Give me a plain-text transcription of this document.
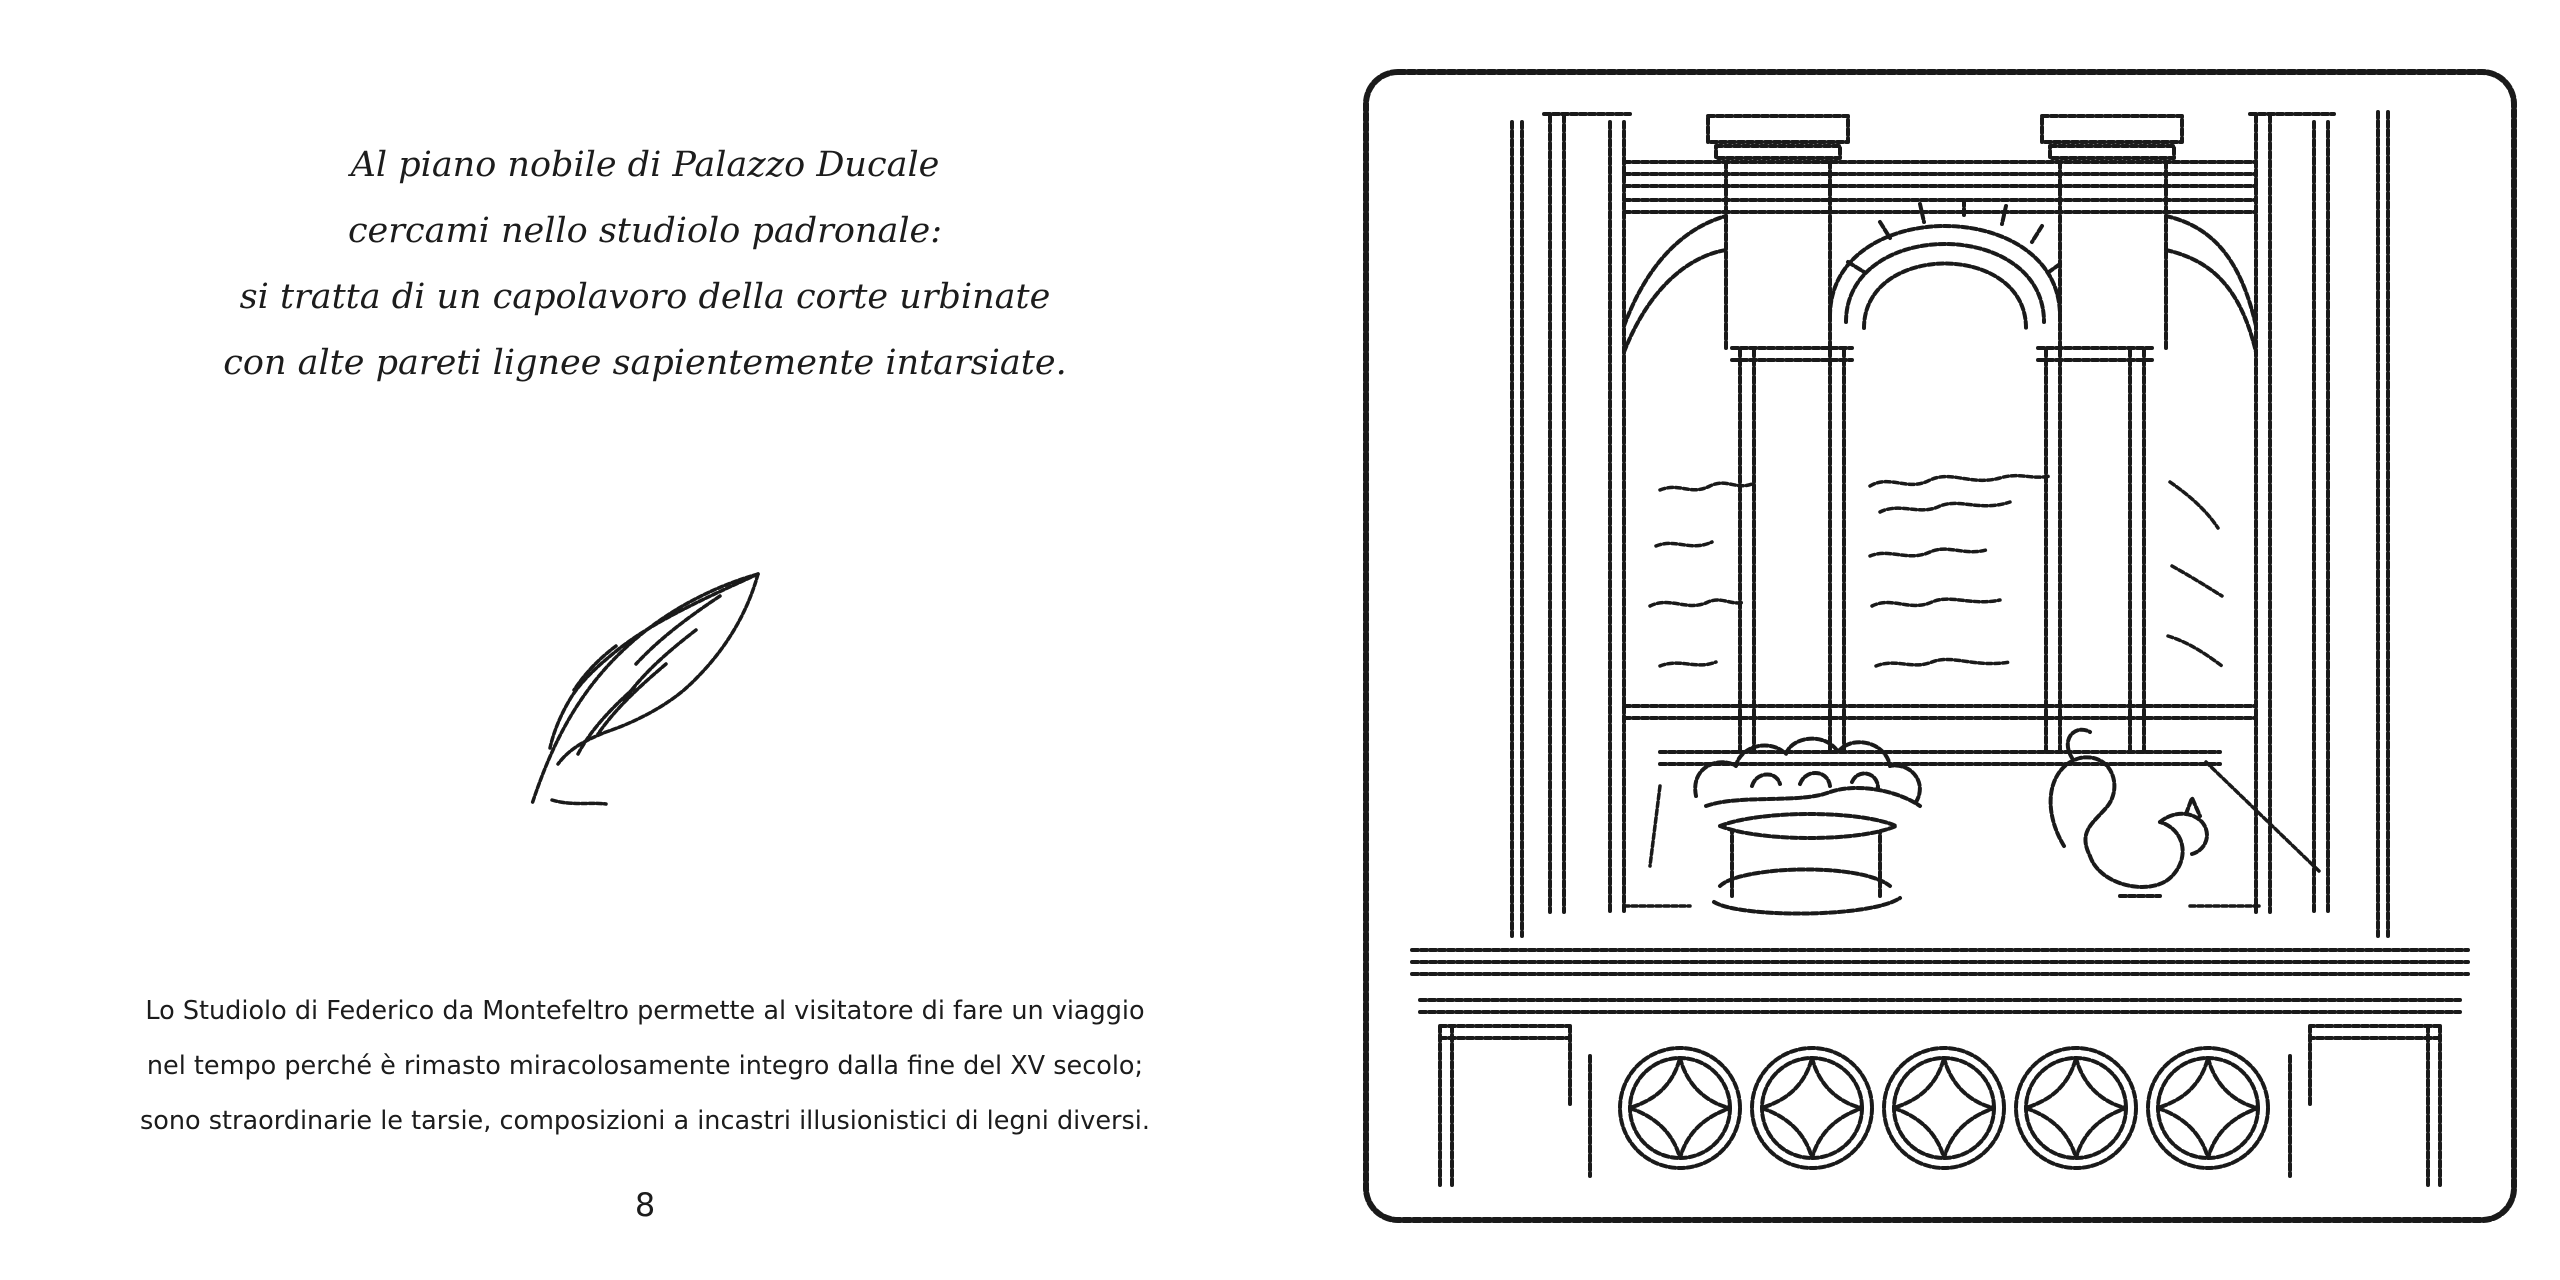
Al piano nobile di Palazzo Ducale
cercami nello studiolo padronale:
si tratta di un capolavoro della corte urbinate
con alte pareti lignee sapientemente intarsiate.
Lo Studiolo di Federico da Montefeltro permette al visitatore di fare un viaggio
nel tempo perché è rimasto miracolosamente integro dalla fine del XV secolo;
sono straordinarie le tarsie, composizioni a incastri illusionistici di legni diversi.
8
